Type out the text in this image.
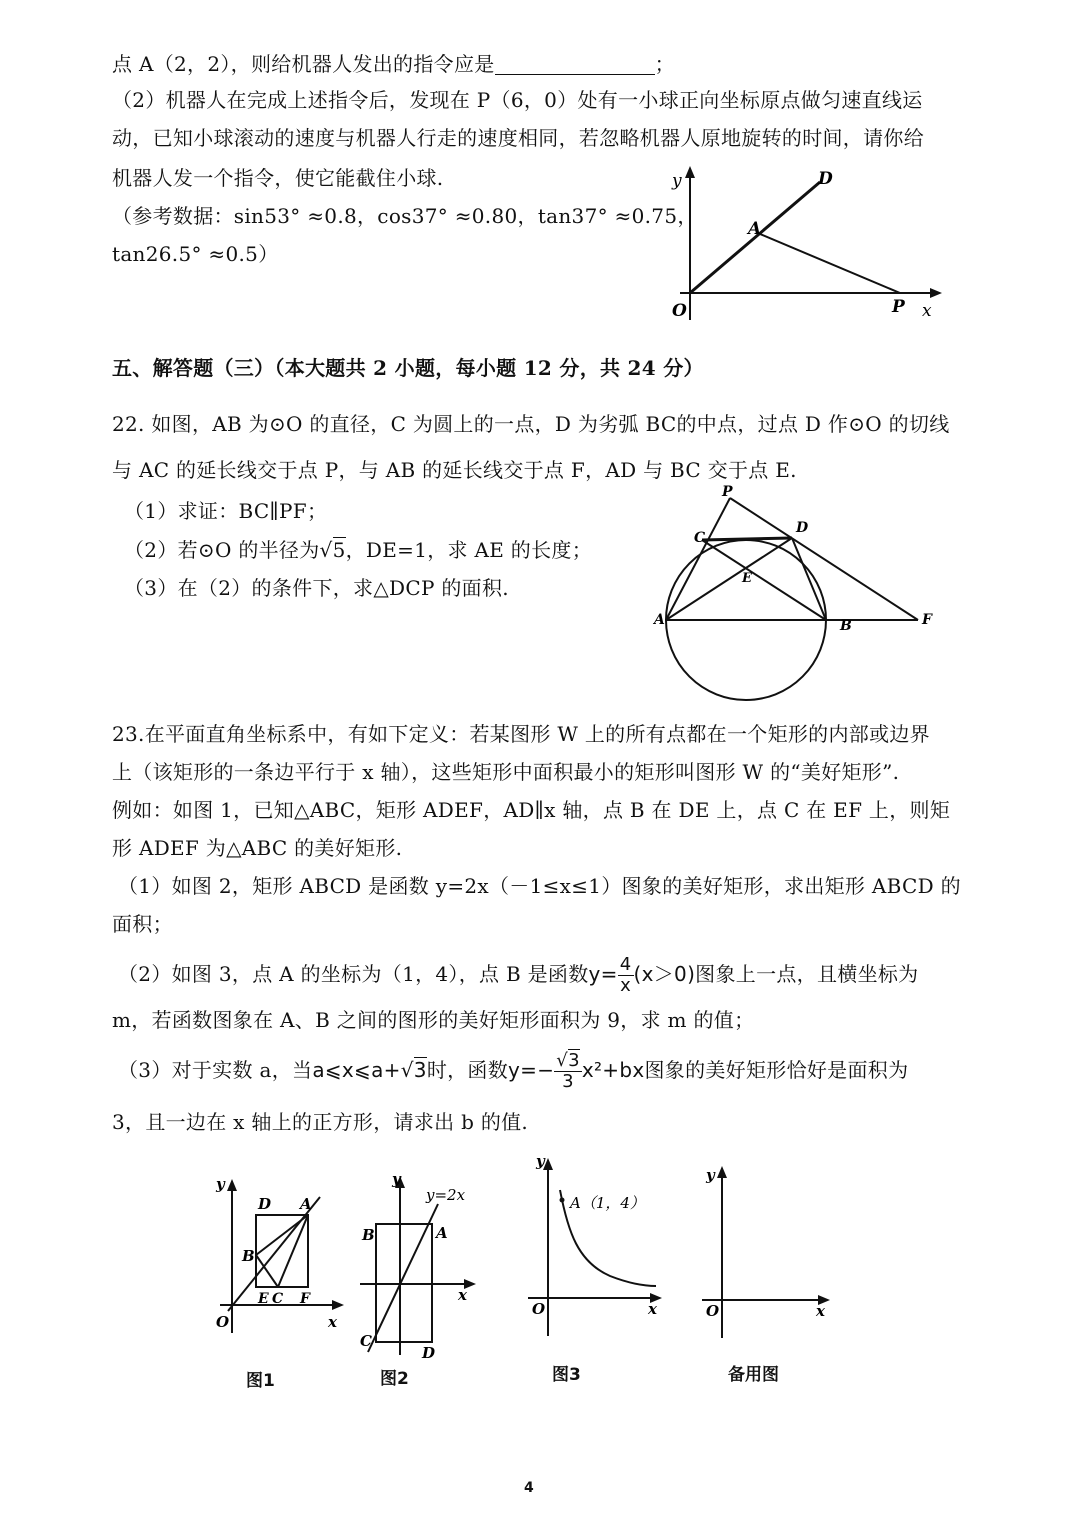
点 A（2，2），则给机器人发出的指令应是	；
（2）机器人在完成上述指令后，发现在 P（6，0）处有一小球正向坐标原点做匀速直线运
动，已知小球滚动的速度与机器人行走的速度相同，若忽略机器人原地旋转的时间，请你给
机器人发一个指令，使它能截住小球.
（参考数据：sin53° ≈0.8，cos37° ≈0.80，tan37° ≈0.75，
tan26.5° ≈0.5）
y
x
O
A
D
P
五、解答题（三）（本大题共 2 小题，每小题 12 分，共 24 分）
22. 如图，AB 为⊙O 的直径，C 为圆上的一点，D 为劣弧 BC的中点，过点 D 作⊙O 的切线
与 AC 的延长线交于点 P，与 AB 的延长线交于点 F，AD 与 BC 交于点 E.
（1）求证：BC∥PF；
（2）若⊙O 的半径为√5，DE=1，求 AE 的长度；
（3）在（2）的条件下，求△DCP 的面积.
P
C
D
E
A	B	F
23.在平面直角坐标系中，有如下定义：若某图形 W 上的所有点都在一个矩形的内部或边界
上（该矩形的一条边平行于 x 轴），这些矩形中面积最小的矩形叫图形 W 的“美好矩形”.
例如：如图 1，已知△ABC，矩形 ADEF，AD∥x 轴，点 B 在 DE 上，点 C 在 EF 上，则矩
形 ADEF 为△ABC 的美好矩形.
（1）如图 2，矩形 ABCD 是函数 y=2x（－1≤x≤1）图象的美好矩形，求出矩形 ABCD 的
面积；
（2）如图 3，点 A 的坐标为（1，4），点 B 是函数$y= \frac{4}{x} (x>0)$图象上一点，且横坐标为
m，若函数图象在 A、B 之间的图形的美好矩形面积为 9，求 m 的值；
（3）对于实数 a，当a⩽x⩽a+√3时，函数$y=- \frac{√3}{3} x^2+bx$图象的美好矩形恰好是面积为
3，且一边在 x 轴上的正方形，请求出 b 的值.
y
x
O
D A
B
E C F
图1
y
x
y=2x
A
B
C
D
图2
y
x
O
A（1，4）
图3
y
x
O
备用图
4
